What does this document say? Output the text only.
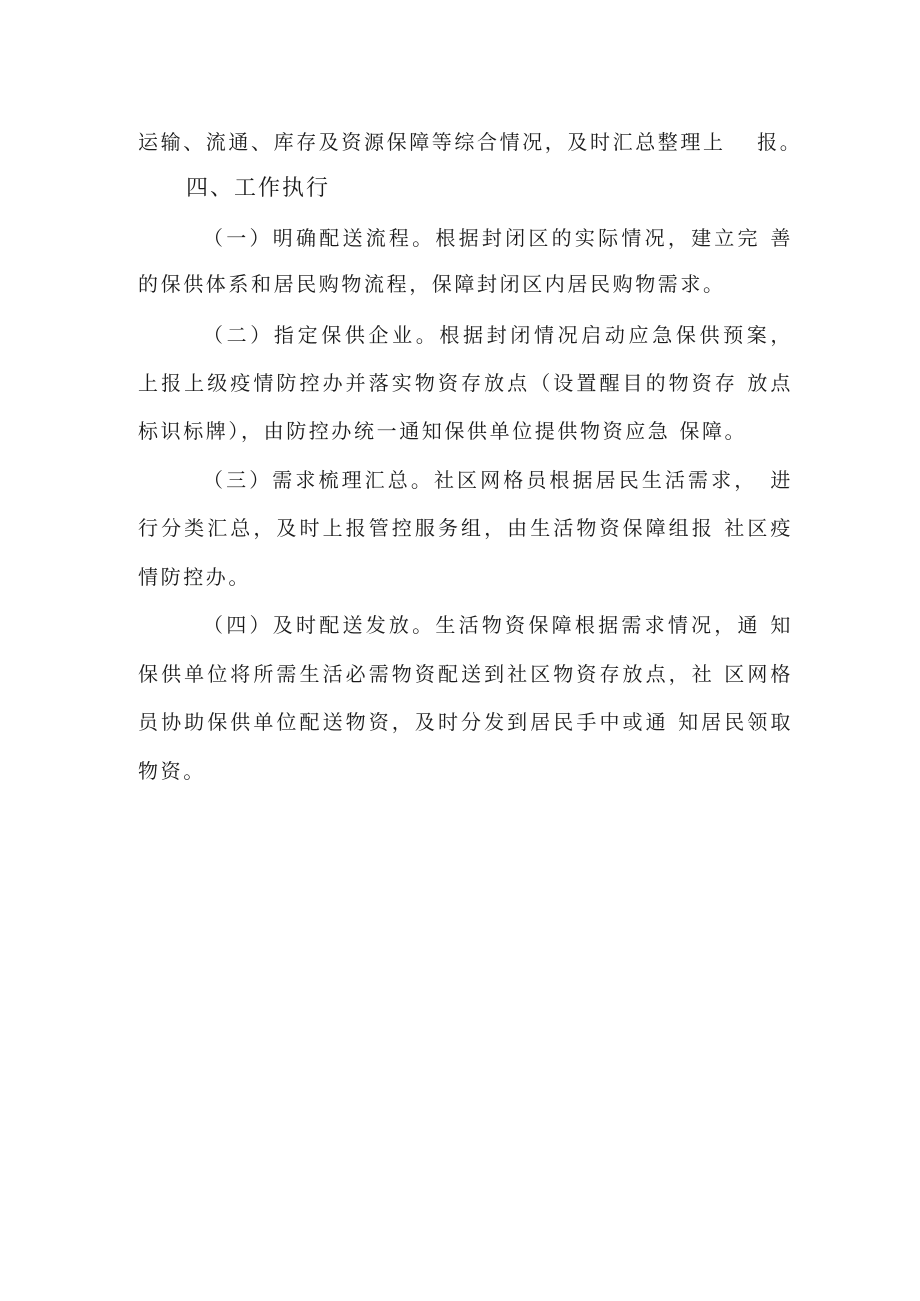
运输、流通、库存及资源保障等综合情况，及时汇总整理上　 报。
四、工作执行
（一）明确配送流程。根据封闭区的实际情况，建立完 善
的保供体系和居民购物流程，保障封闭区内居民购物需求。
（二）指定保供企业。根据封闭情况启动应急保供预案，
上报上级疫情防控办并落实物资存放点（设置醒目的物资存 放点
标识标牌），由防控办统一通知保供单位提供物资应急 保障。
（三）需求梳理汇总。社区网格员根据居民生活需求，　进
行分类汇总，及时上报管控服务组，由生活物资保障组报 社区疫
情防控办。
（四）及时配送发放。生活物资保障根据需求情况，通 知
保供单位将所需生活必需物资配送到社区物资存放点，社 区网格
员协助保供单位配送物资，及时分发到居民手中或通 知居民领取
物资。
